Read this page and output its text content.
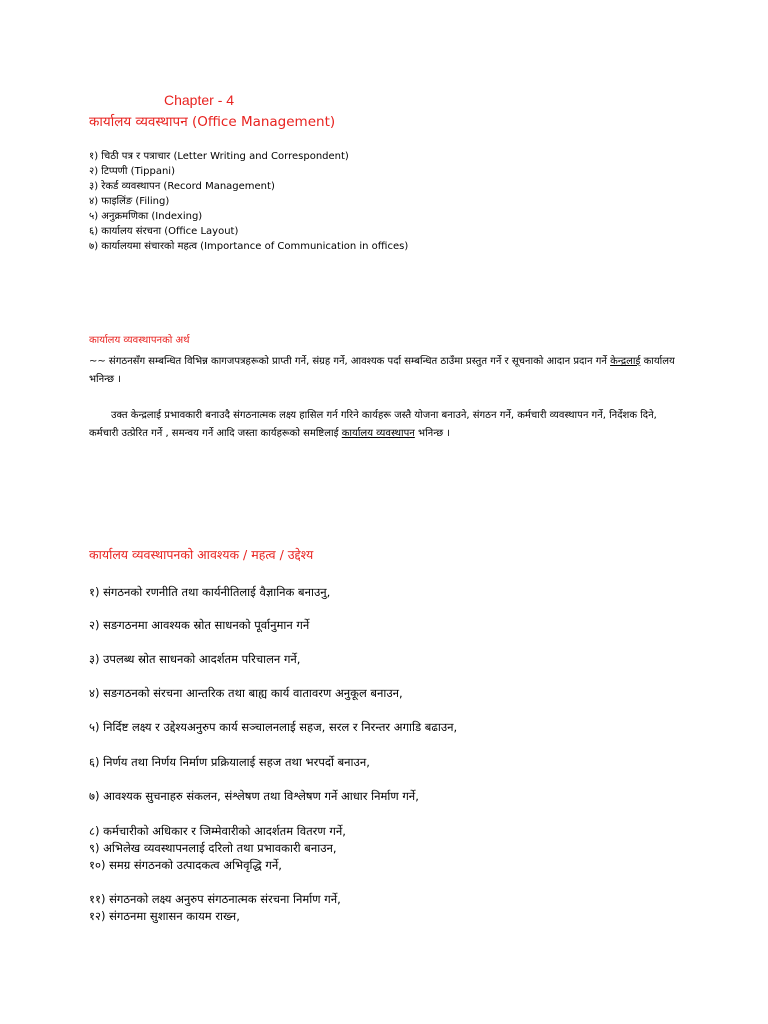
Chapter - 4
कार्यालय व्यवस्थापन (Office Management)
१) चिठी पत्र र पत्राचार (Letter Writing and Correspondent)
२) टिप्पणी (Tippani)
३) रेकर्ड व्यवस्थापन (Record Management)
४) फाइलिंङ (Filing)
५) अनुक्रमणिका (Indexing)
६) कार्यालय संरचना (Office Layout)
७) कार्यालयमा संचारको महत्व (Importance of Communication in offices)
कार्यालय व्यवस्थापनको अर्थ
~~ संगठनसँग सम्बन्धित विभिन्न कागजपत्रहरूको प्राप्ती गर्ने, संग्रह गर्ने, आवश्यक पर्दा सम्बन्धित ठाउँमा प्रस्तुत गर्ने र सूचनाको आदान प्रदान गर्ने केन्द्रलाई कार्यालय भनिन्छ ।
उक्त केन्द्रलाई प्रभावकारी बनाउदै संगठनात्मक लक्ष्य हासिल गर्न गरिने कार्यहरू जस्तै योजना बनाउने, संगठन गर्ने, कर्मचारी व्यवस्थापन गर्ने, निर्देशक दिने, कर्मचारी उत्प्रेरित गर्ने , समन्वय गर्ने आदि जस्ता कार्यहरूको समष्टिलाई कार्यालय व्यवस्थापन भनिन्छ ।
कार्यालय व्यवस्थापनको आवश्यक / महत्व / उद्देश्य
१) संगठनको रणनीति तथा कार्यनीतिलाई वैज्ञानिक बनाउनु,
२) सङगठनमा आवश्यक स्रोत साधनको पूर्वानुमान गर्ने
३) उपलब्ध स्रोत साधनको आदर्शतम परिचालन गर्ने,
४) सङगठनको संरचना आन्तरिक तथा बाह्य कार्य वातावरण अनुकूल बनाउन,
५) निर्दिष्ट लक्ष्य र उद्देश्यअनुरुप कार्य सञ्चालनलाई सहज, सरल र निरन्तर अगाडि बढाउन,
६) निर्णय तथा निर्णय निर्माण प्रक्रियालाई सहज तथा भरपर्दो बनाउन,
७) आवश्यक सुचनाहरु संकलन, संश्लेषण तथा विश्लेषण गर्ने आधार निर्माण गर्ने,
८) कर्मचारीको अधिकार र जिम्मेवारीको आदर्शतम वितरण गर्ने,
९) अभिलेख व्यवस्थापनलाई दरिलो तथा प्रभावकारी बनाउन,
१०) समग्र संगठनको उत्पादकत्व अभिवृद्धि गर्ने,
११) संगठनको लक्ष्य अनुरुप संगठनात्मक संरचना निर्माण गर्ने,
१२) संगठनमा सुशासन कायम राख्न,
